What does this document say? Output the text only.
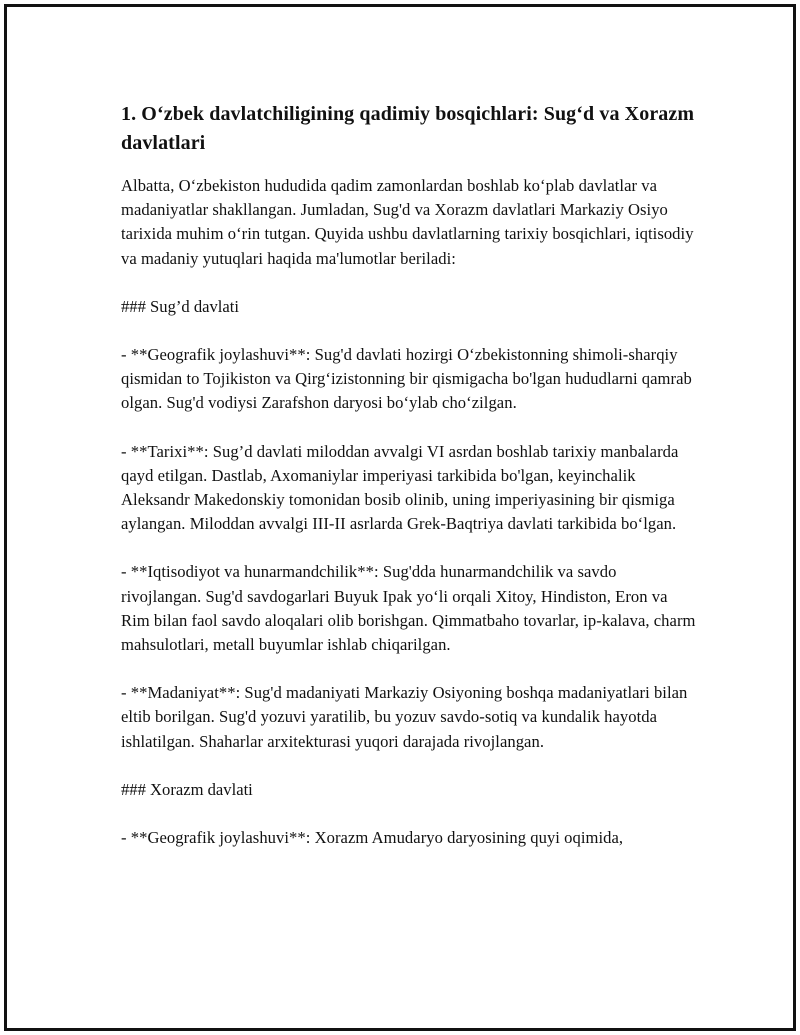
1. O‘zbek davlatchiligining qadimiy bosqichlari: Sug‘d va Xorazm davlatlari

Albatta, O‘zbekiston hududida qadim zamonlardan boshlab ko‘plab davlatlar va madaniyatlar shakllangan. Jumladan, Sug'd va Xorazm davlatlari Markaziy Osiyo tarixida muhim o‘rin tutgan. Quyida ushbu davlatlarning tarixiy bosqichlari, iqtisodiy va madaniy yutuqlari haqida ma'lumotlar beriladi:

### Sug’d davlati

- **Geografik joylashuvi**: Sug'd davlati hozirgi O‘zbekistonning shimoli-sharqiy qismidan to Tojikiston va Qirg‘izistonning bir qismigacha bo'lgan hududlarni qamrab olgan. Sug'd vodiysi Zarafshon daryosi bo‘ylab cho‘zilgan.

- **Tarixi**: Sug’d davlati miloddan avvalgi VI asrdan boshlab tarixiy manbalarda qayd etilgan. Dastlab, Axomaniylar imperiyasi tarkibida bo'lgan, keyinchalik Aleksandr Makedonskiy tomonidan bosib olinib, uning imperiyasining bir qismiga aylangan. Miloddan avvalgi III-II asrlarda Grek-Baqtriya davlati tarkibida bo‘lgan.

- **Iqtisodiyot va hunarmandchilik**: Sug'dda hunarmandchilik va savdo rivojlangan. Sug'd savdogarlari Buyuk Ipak yo‘li orqali Xitoy, Hindiston, Eron va Rim bilan faol savdo aloqalari olib borishgan. Qimmatbaho tovarlar, ip-kalava, charm mahsulotlari, metall buyumlar ishlab chiqarilgan.

- **Madaniyat**: Sug'd madaniyati Markaziy Osiyoning boshqa madaniyatlari bilan eltib borilgan. Sug'd yozuvi yaratilib, bu yozuv savdo-sotiq va kundalik hayotda ishlatilgan. Shaharlar arxitekturasi yuqori darajada rivojlangan.

### Xorazm davlati

- **Geografik joylashuvi**: Xorazm Amudaryo daryosining quyi oqimida,
